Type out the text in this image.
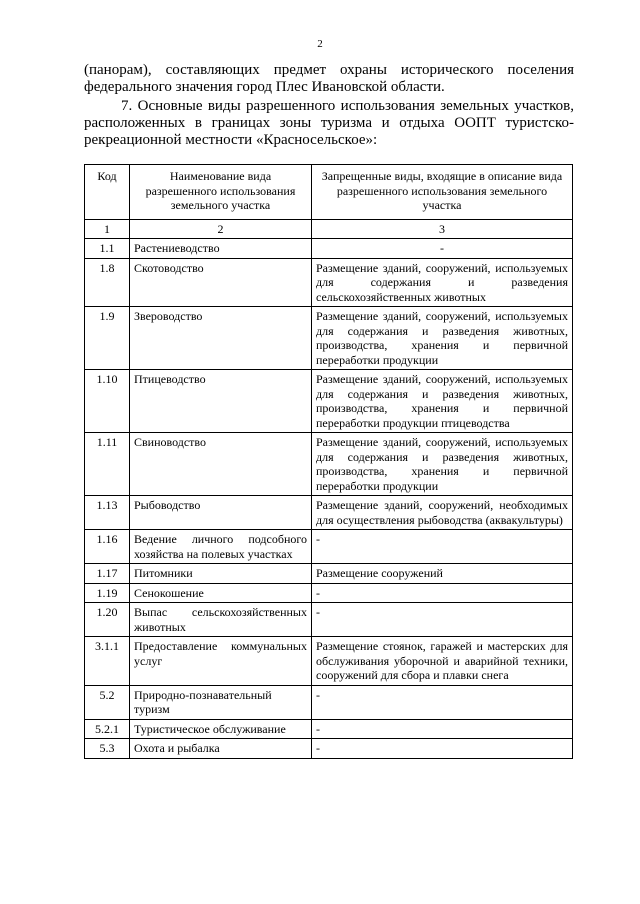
2

(панорам), составляющих предмет охраны исторического поселения федерального значения город Плес Ивановской области.

7. Основные виды разрешенного использования земельных участков, расположенных в границах зоны туризма и отдыха ООПТ туристско-рекреационной местности «Красносельское»:

Код	Наименование вида разрешенного использования земельного участка	Запрещенные виды, входящие в описание вида разрешенного использования земельного участка
1	2	3
1.1	Растениеводство	-
1.8	Скотоводство	Размещение зданий, сооружений, используемых для содержания и разведения сельскохозяйственных животных
1.9	Звероводство	Размещение зданий, сооружений, используемых для содержания и разведения животных, производства, хранения и первичной переработки продукции
1.10	Птицеводство	Размещение зданий, сооружений, используемых для содержания и разведения животных, производства, хранения и первичной переработки продукции птицеводства
1.11	Свиноводство	Размещение зданий, сооружений, используемых для содержания и разведения животных, производства, хранения и первичной переработки продукции
1.13	Рыбоводство	Размещение зданий, сооружений, необходимых для осуществления рыбоводства (аквакультуры)
1.16	Ведение личного подсобного хозяйства на полевых участках	-
1.17	Питомники	Размещение сооружений
1.19	Сенокошение	-
1.20	Выпас сельскохозяйственных животных	-
3.1.1	Предоставление коммунальных услуг	Размещение стоянок, гаражей и мастерских для обслуживания уборочной и аварийной техники, сооружений для сбора и плавки снега
5.2	Природно-познавательный туризм	-
5.2.1	Туристическое обслуживание	-
5.3	Охота и рыбалка	-
